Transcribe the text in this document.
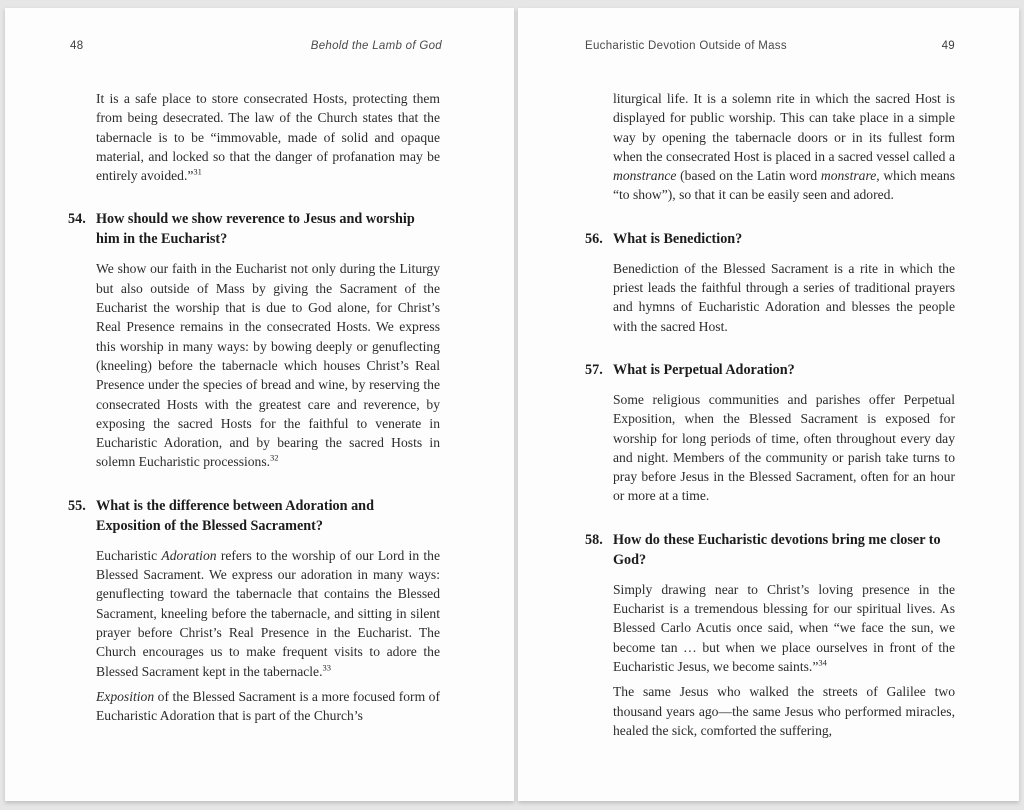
48	Behold the Lamb of God

It is a safe place to store consecrated Hosts, protecting them from being desecrated. The law of the Church states that the tabernacle is to be “immovable, made of solid and opaque material, and locked so that the danger of profanation may be entirely avoided.”$^{31}$

54. How should we show reverence to Jesus and worship him in the Eucharist?

We show our faith in the Eucharist not only during the Liturgy but also outside of Mass by giving the Sacrament of the Eucharist the worship that is due to God alone, for Christ’s Real Presence remains in the consecrated Hosts. We express this worship in many ways: by bowing deeply or genuflecting (kneeling) before the tabernacle which houses Christ’s Real Presence under the species of bread and wine, by reserving the consecrated Hosts with the greatest care and reverence, by exposing the sacred Hosts for the faithful to venerate in Eucharistic Adoration, and by bearing the sacred Hosts in solemn Eucharistic processions.$^{32}$

55. What is the difference between Adoration and Exposition of the Blessed Sacrament?

Eucharistic Adoration refers to the worship of our Lord in the Blessed Sacrament. We express our adoration in many ways: genuflecting toward the tabernacle that contains the Blessed Sacrament, kneeling before the tabernacle, and sitting in silent prayer before Christ’s Real Presence in the Eucharist. The Church encourages us to make frequent visits to adore the Blessed Sacrament kept in the tabernacle.$^{33}$

Exposition of the Blessed Sacrament is a more focused form of Eucharistic Adoration that is part of the Church’s

Eucharistic Devotion Outside of Mass	49

liturgical life. It is a solemn rite in which the sacred Host is displayed for public worship. This can take place in a simple way by opening the tabernacle doors or in its fullest form when the consecrated Host is placed in a sacred vessel called a monstrance (based on the Latin word monstrare, which means “to show”), so that it can be easily seen and adored.

56. What is Benediction?

Benediction of the Blessed Sacrament is a rite in which the priest leads the faithful through a series of traditional prayers and hymns of Eucharistic Adoration and blesses the people with the sacred Host.

57. What is Perpetual Adoration?

Some religious communities and parishes offer Perpetual Exposition, when the Blessed Sacrament is exposed for worship for long periods of time, often throughout every day and night. Members of the community or parish take turns to pray before Jesus in the Blessed Sacrament, often for an hour or more at a time.

58. How do these Eucharistic devotions bring me closer to God?

Simply drawing near to Christ’s loving presence in the Eucharist is a tremendous blessing for our spiritual lives. As Blessed Carlo Acutis once said, when “we face the sun, we become tan … but when we place ourselves in front of the Eucharistic Jesus, we become saints.”$^{34}$

The same Jesus who walked the streets of Galilee two thousand years ago—the same Jesus who performed miracles, healed the sick, comforted the suffering,
